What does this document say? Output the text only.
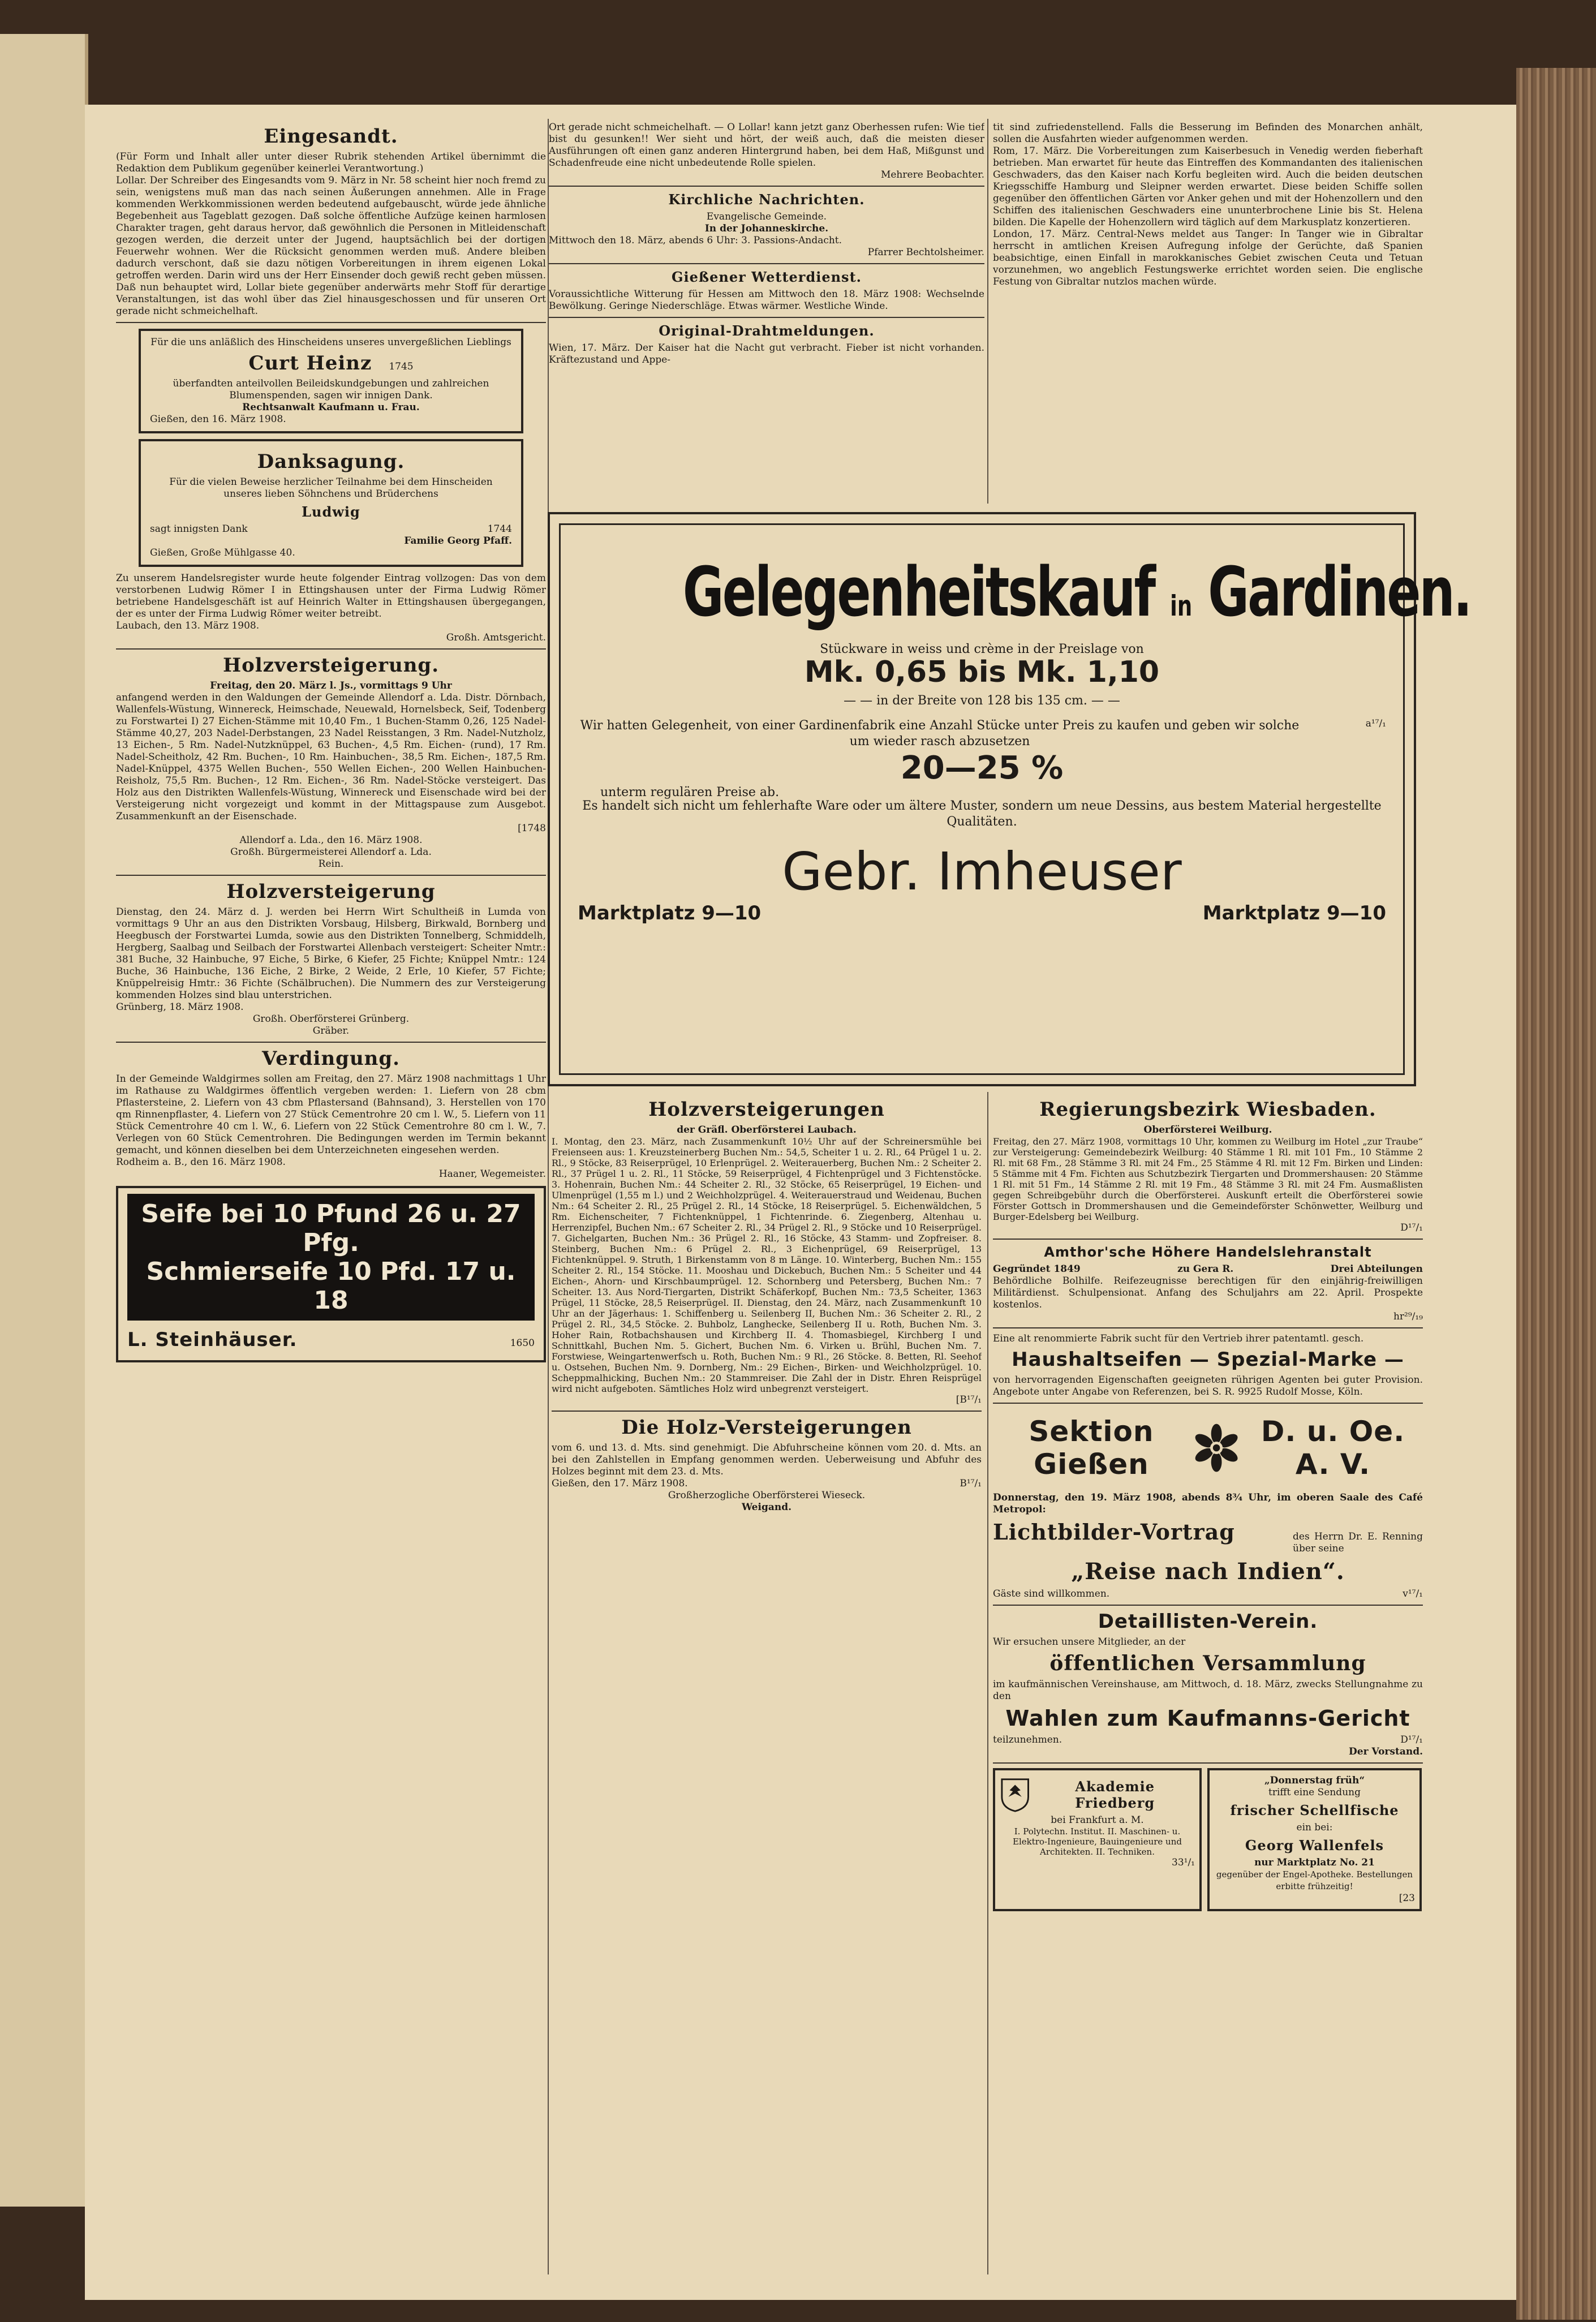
Eingesandt.

(Für Form und Inhalt aller unter dieser Rubrik stehenden Artikel übernimmt die Redaktion dem Publikum gegenüber keinerlei Verantwortung.)

Lollar. Der Schreiber des Eingesandts vom 9. März in Nr. 58 scheint hier noch fremd zu sein, wenigstens muß man das nach seinen Äußerungen annehmen. Alle in Frage kommenden Werkkommissionen werden bedeutend aufgebauscht, würde jede ähnliche Begebenheit aus Tageblatt gezogen. Daß solche öffentliche Aufzüge keinen harmlosen Charakter tragen, geht daraus hervor, daß gewöhnlich die Personen in Mitleidenschaft gezogen werden, die derzeit unter der Jugend, hauptsächlich bei der dortigen Feuerwehr wohnen. Wer die Rücksicht genommen werden muß. Andere bleiben dadurch verschont, daß sie dazu nötigen Vorbereitungen in ihrem eigenen Lokal getroffen werden. Darin wird uns der Herr Einsender doch gewiß recht geben müssen. Daß nun behauptet wird, Lollar biete gegenüber anderwärts mehr Stoff für derartige Veranstaltungen, ist das wohl über das Ziel hinausgeschossen und für unseren Ort gerade nicht schmeichelhaft.

Für die uns anläßlich des Hinscheidens unseres unvergeßlichen Lieblings

Curt Heinz 1745

überfandten anteilvollen Beileidskundgebungen und zahlreichen Blumenspenden, sagen wir innigen Dank.

Rechtsanwalt Kaufmann u. Frau.

Gießen, den 16. März 1908.

Danksagung.

Für die vielen Beweise herzlicher Teilnahme bei dem Hinscheiden unseres lieben Söhnchens und Brüderchens

Ludwig
sagt innigsten Dank	1744

Familie Georg Pfaff.

Gießen, Große Mühlgasse 40.

Zu unserem Handelsregister wurde heute folgender Eintrag vollzogen: Das von dem verstorbenen Ludwig Römer I in Ettingshausen unter der Firma Ludwig Römer betriebene Handelsgeschäft ist auf Heinrich Walter in Ettingshausen übergegangen, der es unter der Firma Ludwig Römer weiter betreibt.

Laubach, den 13. März 1908.

Großh. Amtsgericht.

Holzversteigerung.

Freitag, den 20. März l. Js., vormittags 9 Uhr

anfangend werden in den Waldungen der Gemeinde Allendorf a. Lda. Distr. Dörnbach, Wallenfels-Wüstung, Winnereck, Heimschade, Neuewald, Hornelsbeck, Seif, Todenberg zu Forstwartei I) 27 Eichen-Stämme mit 10,40 Fm., 1 Buchen-Stamm 0,26, 125 Nadel-Stämme 40,27, 203 Nadel-Derbstangen, 23 Nadel Reisstangen, 3 Rm. Nadel-Nutzholz, 13 Eichen-, 5 Rm. Nadel-Nutzknüppel, 63 Buchen-, 4,5 Rm. Eichen- (rund), 17 Rm. Nadel-Scheitholz, 42 Rm. Buchen-, 10 Rm. Hainbuchen-, 38,5 Rm. Eichen-, 187,5 Rm. Nadel-Knüppel, 4375 Wellen Buchen-, 550 Wellen Eichen-, 200 Wellen Hainbuchen-Reisholz, 75,5 Rm. Buchen-, 12 Rm. Eichen-, 36 Rm. Nadel-Stöcke versteigert. Das Holz aus den Distrikten Wallenfels-Wüstung, Winnereck und Eisenschade wird bei der Versteigerung nicht vorgezeigt und kommt in der Mittagspause zum Ausgebot. Zusammenkunft an der Eisenschade.

[1748

Allendorf a. Lda., den 16. März 1908.

Großh. Bürgermeisterei Allendorf a. Lda.

Rein.

Holzversteigerung

Dienstag, den 24. März d. J. werden bei Herrn Wirt Schultheiß in Lumda von vormittags 9 Uhr an aus den Distrikten Vorsbaug, Hilsberg, Birkwald, Bornberg und Heegbusch der Forstwartei Lumda, sowie aus den Distrikten Tonnelberg, Schmiddelh, Hergberg, Saalbag und Seilbach der Forstwartei Allenbach versteigert: Scheiter Nmtr.: 381 Buche, 32 Hainbuche, 97 Eiche, 5 Birke, 6 Kiefer, 25 Fichte; Knüppel Nmtr.: 124 Buche, 36 Hainbuche, 136 Eiche, 2 Birke, 2 Weide, 2 Erle, 10 Kiefer, 57 Fichte; Knüppelreisig Hmtr.: 36 Fichte (Schälbruchen). Die Nummern des zur Versteigerung kommenden Holzes sind blau unterstrichen.

Grünberg, 18. März 1908.

Großh. Oberförsterei Grünberg.

Gräber.

Verdingung.

In der Gemeinde Waldgirmes sollen am Freitag, den 27. März 1908 nachmittags 1 Uhr im Rathause zu Waldgirmes öffentlich vergeben werden: 1. Liefern von 28 cbm Pflastersteine, 2. Liefern von 43 cbm Pflastersand (Bahnsand), 3. Herstellen von 170 qm Rinnenpflaster, 4. Liefern von 27 Stück Cementrohre 20 cm l. W., 5. Liefern von 11 Stück Cementrohre 40 cm l. W., 6. Liefern von 22 Stück Cementrohre 80 cm l. W., 7. Verlegen von 60 Stück Cementrohren. Die Bedingungen werden im Termin bekannt gemacht, und können dieselben bei dem Unterzeichneten eingesehen werden.

Rodheim a. B., den 16. März 1908.

Haaner, Wegemeister.

Seife bei 10 Pfund 26 u. 27 Pfg.
Schmierseife 10 Pfd. 17 u. 18
L. Steinhäuser.	1650

Ort gerade nicht schmeichelhaft. — O Lollar! kann jetzt ganz Oberhessen rufen: Wie tief bist du gesunken!! Wer sieht und hört, der weiß auch, daß die meisten dieser Ausführungen oft einen ganz anderen Hintergrund haben, bei dem Haß, Mißgunst und Schadenfreude eine nicht unbedeutende Rolle spielen.

Mehrere Beobachter.

Kirchliche Nachrichten.

Evangelische Gemeinde.

In der Johanneskirche.

Mittwoch den 18. März, abends 6 Uhr: 3. Passions-Andacht.

Pfarrer Bechtolsheimer.

Gießener Wetterdienst.

Voraussichtliche Witterung für Hessen am Mittwoch den 18. März 1908: Wechselnde Bewölkung. Geringe Niederschläge. Etwas wärmer. Westliche Winde.

Original-Drahtmeldungen.

Wien, 17. März. Der Kaiser hat die Nacht gut verbracht. Fieber ist nicht vorhanden. Kräftezustand und Appe-

tit sind zufriedenstellend. Falls die Besserung im Befinden des Monarchen anhält, sollen die Ausfahrten wieder aufgenommen werden.

Rom, 17. März. Die Vorbereitungen zum Kaiserbesuch in Venedig werden fieberhaft betrieben. Man erwartet für heute das Eintreffen des Kommandanten des italienischen Geschwaders, das den Kaiser nach Korfu begleiten wird. Auch die beiden deutschen Kriegsschiffe Hamburg und Sleipner werden erwartet. Diese beiden Schiffe sollen gegenüber den öffentlichen Gärten vor Anker gehen und mit der Hohenzollern und den Schiffen des italienischen Geschwaders eine ununterbrochene Linie bis St. Helena bilden. Die Kapelle der Hohenzollern wird täglich auf dem Markusplatz konzertieren.

London, 17. März. Central-News meldet aus Tanger: In Tanger wie in Gibraltar herrscht in amtlichen Kreisen Aufregung infolge der Gerüchte, daß Spanien beabsichtige, einen Einfall in marokkanisches Gebiet zwischen Ceuta und Tetuan vorzunehmen, wo angeblich Festungswerke errichtet worden seien. Die englische Festung von Gibraltar nutzlos machen würde.

Gelegenheitskauf in Gardinen.

Stückware in weiss und crème in der Preislage von

Mk. 0,65 bis Mk. 1,10

— — in der Breite von 128 bis 135 cm. — —

Wir hatten Gelegenheit, von einer Gardinenfabrik eine Anzahl Stücke unter Preis zu kaufen und geben wir solche um wieder rasch abzusetzen

a¹⁷/₁
20—25 %

unterm regulären Preise ab.

Es handelt sich nicht um fehlerhafte Ware oder um ältere Muster, sondern um neue Dessins, aus bestem Material hergestellte Qualitäten.

Gebr. Imheuser
Marktplatz 9—10	Marktplatz 9—10
Holzversteigerungen

der Gräfl. Oberförsterei Laubach.

I. Montag, den 23. März, nach Zusammenkunft 10½ Uhr auf der Schreinersmühle bei Freienseen aus: 1. Kreuzsteinerberg Buchen Nm.: 54,5, Scheiter 1 u. 2. Rl., 64 Prügel 1 u. 2. Rl., 9 Stöcke, 83 Reiserprügel, 10 Erlenprügel. 2. Weiterauerberg, Buchen Nm.: 2 Scheiter 2. Rl., 37 Prügel 1 u. 2. Rl., 11 Stöcke, 59 Reiserprügel, 4 Fichtenprügel und 3 Fichtenstöcke. 3. Hohenrain, Buchen Nm.: 44 Scheiter 2. Rl., 32 Stöcke, 65 Reiserprügel, 19 Eichen- und Ulmenprügel (1,55 m l.) und 2 Weichholzprügel. 4. Weiterauerstraud und Weidenau, Buchen Nm.: 64 Scheiter 2. Rl., 25 Prügel 2. Rl., 14 Stöcke, 18 Reiserprügel. 5. Eichenwäldchen, 5 Rm. Eichenscheiter, 7 Fichtenknüppel, 1 Fichtenrinde. 6. Ziegenberg, Altenhau u. Herrenzipfel, Buchen Nm.: 67 Scheiter 2. Rl., 34 Prügel 2. Rl., 9 Stöcke und 10 Reiserprügel. 7. Gichelgarten, Buchen Nm.: 36 Prügel 2. Rl., 16 Stöcke, 43 Stamm- und Zopfreiser. 8. Steinberg, Buchen Nm.: 6 Prügel 2. Rl., 3 Eichenprügel, 69 Reiserprügel, 13 Fichtenknüppel. 9. Struth, 1 Birkenstamm von 8 m Länge. 10. Winterberg, Buchen Nm.: 155 Scheiter 2. Rl., 154 Stöcke. 11. Mooshau und Dickebuch, Buchen Nm.: 5 Scheiter und 44 Eichen-, Ahorn- und Kirschbaumprügel. 12. Schornberg und Petersberg, Buchen Nm.: 7 Scheiter. 13. Aus Nord-Tiergarten, Distrikt Schäferkopf, Buchen Nm.: 73,5 Scheiter, 1363 Prügel, 11 Stöcke, 28,5 Reiserprügel. II. Dienstag, den 24. März, nach Zusammenkunft 10 Uhr an der Jägerhaus: 1. Schiffenberg u. Seilenberg II, Buchen Nm.: 36 Scheiter 2. Rl., 2 Prügel 2. Rl., 34,5 Stöcke. 2. Buhbolz, Langhecke, Seilenberg II u. Roth, Buchen Nm. 3. Hoher Rain, Rotbachshausen und Kirchberg II. 4. Thomasbiegel, Kirchberg I und Schnittkahl, Buchen Nm. 5. Gichert, Buchen Nm. 6. Virken u. Brühl, Buchen Nm. 7. Forstwiese, Weingartenwerfsch u. Roth, Buchen Nm.: 9 Rl., 26 Stöcke. 8. Betten, Rl. Seehof u. Ostsehen, Buchen Nm. 9. Dornberg, Nm.: 29 Eichen-, Birken- und Weichholzprügel. 10. Scheppmalhicking, Buchen Nm.: 20 Stammreiser. Die Zahl der in Distr. Ehren Reisprügel wird nicht aufgeboten. Sämtliches Holz wird unbegrenzt versteigert.

[B¹⁷/₁

Die Holz-Versteigerungen

vom 6. und 13. d. Mts. sind genehmigt. Die Abfuhrscheine können vom 20. d. Mts. an bei den Zahlstellen in Empfang genommen werden. Ueberweisung und Abfuhr des Holzes beginnt mit dem 23. d. Mts.

Gießen, den 17. März 1908.	B¹⁷/₁

Großherzogliche Oberförsterei Wieseck.

Weigand.

Regierungsbezirk Wiesbaden.

Oberförsterei Weilburg.

Freitag, den 27. März 1908, vormittags 10 Uhr, kommen zu Weilburg im Hotel „zur Traube“ zur Versteigerung: Gemeindebezirk Weilburg: 40 Stämme 1 Rl. mit 101 Fm., 10 Stämme 2 Rl. mit 68 Fm., 28 Stämme 3 Rl. mit 24 Fm., 25 Stämme 4 Rl. mit 12 Fm. Birken und Linden: 5 Stämme mit 4 Fm. Fichten aus Schutzbezirk Tiergarten und Drommershausen: 20 Stämme 1 Rl. mit 51 Fm., 14 Stämme 2 Rl. mit 19 Fm., 48 Stämme 3 Rl. mit 24 Fm. Ausmaßlisten gegen Schreibgebühr durch die Oberförsterei. Auskunft erteilt die Oberförsterei sowie Förster Gottsch in Drommershausen und die Gemeindeförster Schönwetter, Weilburg und Burger-Edelsberg bei Weilburg.

D¹⁷/₁

Amthor'sche Höhere Handelslehranstalt
Gegründet 1849	zu Gera R.	Drei Abteilungen

Behördliche Bolhilfe. Reifezeugnisse berechtigen für den einjährig-freiwilligen Militärdienst. Schulpensionat. Anfang des Schuljahrs am 22. April. Prospekte kostenlos.

hr²⁹/₁₉

Eine alt renommierte Fabrik sucht für den Vertrieb ihrer patentamtl. gesch.

Haushaltseifen — Spezial-Marke —

von hervorragenden Eigenschaften geeigneten rührigen Agenten bei guter Provision. Angebote unter Angabe von Referenzen, bei S. R. 9925 Rudolf Mosse, Köln.

Sektion Gießen
D. u. Oe. A. V.

Donnerstag, den 19. März 1908, abends 8¾ Uhr, im oberen Saale des Café Metropol:

Lichtbilder-Vortrag	des Herrn Dr. E. Renning über seine
„Reise nach Indien“.
Gäste sind willkommen.	v¹⁷/₁
Detaillisten-Verein.

Wir ersuchen unsere Mitglieder, an der

öffentlichen Versammlung

im kaufmännischen Vereinshause, am Mittwoch, d. 18. März, zwecks Stellungnahme zu den

Wahlen zum Kaufmanns-Gericht
teilzunehmen.	D¹⁷/₁

Der Vorstand.

Akademie Friedberg

bei Frankfurt a. M.

I. Polytechn. Institut. II. Maschinen- u. Elektro-Ingenieure, Bauingenieure und Architekten. II. Techniken.

33¹/₁

„Donnerstag früh“

trifft eine Sendung

frischer Schellfische

ein bei:

Georg Wallenfels

nur Marktplatz No. 21

gegenüber der Engel-Apotheke. Bestellungen erbitte frühzeitig!

[23
